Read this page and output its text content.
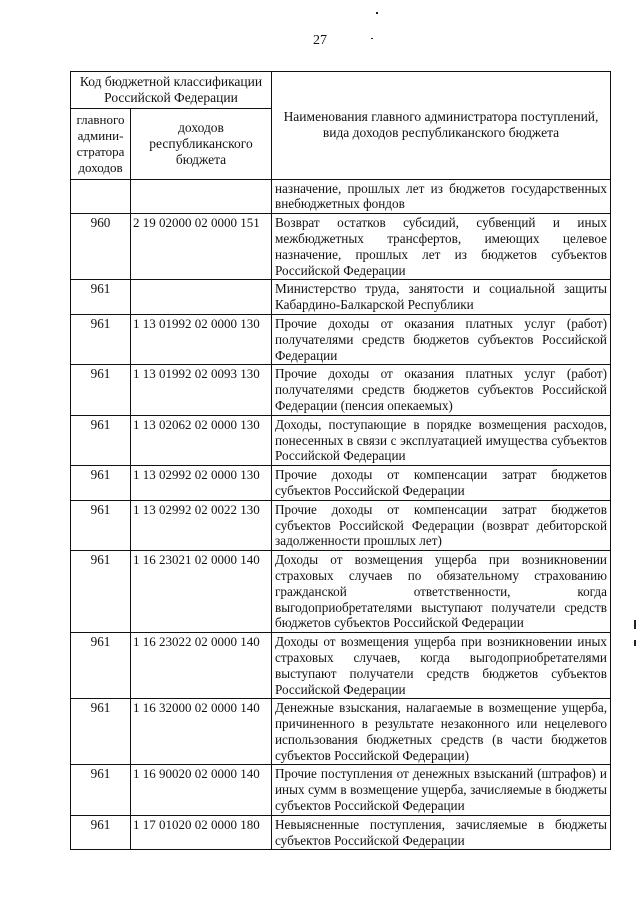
27
Код бюджетной классификации Российской Федерации		Наименования главного администратора поступлений, вида доходов республиканского бюджета
главного админи-стратора доходов	доходов республиканского бюджета	
		назначение, прошлых лет из бюджетов государственных внебюджетных фондов
960	2 19 02000 02 0000 151	Возврат остатков субсидий, субвенций и иных межбюджетных трансфертов, имеющих целевое назначение, прошлых лет из бюджетов субъектов Российской Федерации
961		Министерство труда, занятости и социальной защиты Кабардино-Балкарской Республики
961	1 13 01992 02 0000 130	Прочие доходы от оказания платных услуг (работ) получателями средств бюджетов субъектов Российской Федерации
961	1 13 01992 02 0093 130	Прочие доходы от оказания платных услуг (работ) получателями средств бюджетов субъектов Российской Федерации (пенсия опекаемых)
961	1 13 02062 02 0000 130	Доходы, поступающие в порядке возмещения расходов, понесенных в связи с эксплуатацией имущества субъектов Российской Федерации
961	1 13 02992 02 0000 130	Прочие доходы от компенсации затрат бюджетов субъектов Российской Федерации
961	1 13 02992 02 0022 130	Прочие доходы от компенсации затрат бюджетов субъектов Российской Федерации (возврат дебиторской задолженности прошлых лет)
961	1 16 23021 02 0000 140	Доходы от возмещения ущерба при возникновении страховых случаев по обязательному страхованию гражданской ответственности, когда выгодоприобретателями выступают получатели средств бюджетов субъектов Российской Федерации
961	1 16 23022 02 0000 140	Доходы от возмещения ущерба при возникновении иных страховых случаев, когда выгодоприобретателями выступают получатели средств бюджетов субъектов Российской Федерации
961	1 16 32000 02 0000 140	Денежные взыскания, налагаемые в возмещение ущерба, причиненного в результате незаконного или нецелевого использования бюджетных средств (в части бюджетов субъектов Российской Федерации)
961	1 16 90020 02 0000 140	Прочие поступления от денежных взысканий (штрафов) и иных сумм в возмещение ущерба, зачисляемые в бюджеты субъектов Российской Федерации
961	1 17 01020 02 0000 180	Невыясненные поступления, зачисляемые в бюджеты субъектов Российской Федерации
